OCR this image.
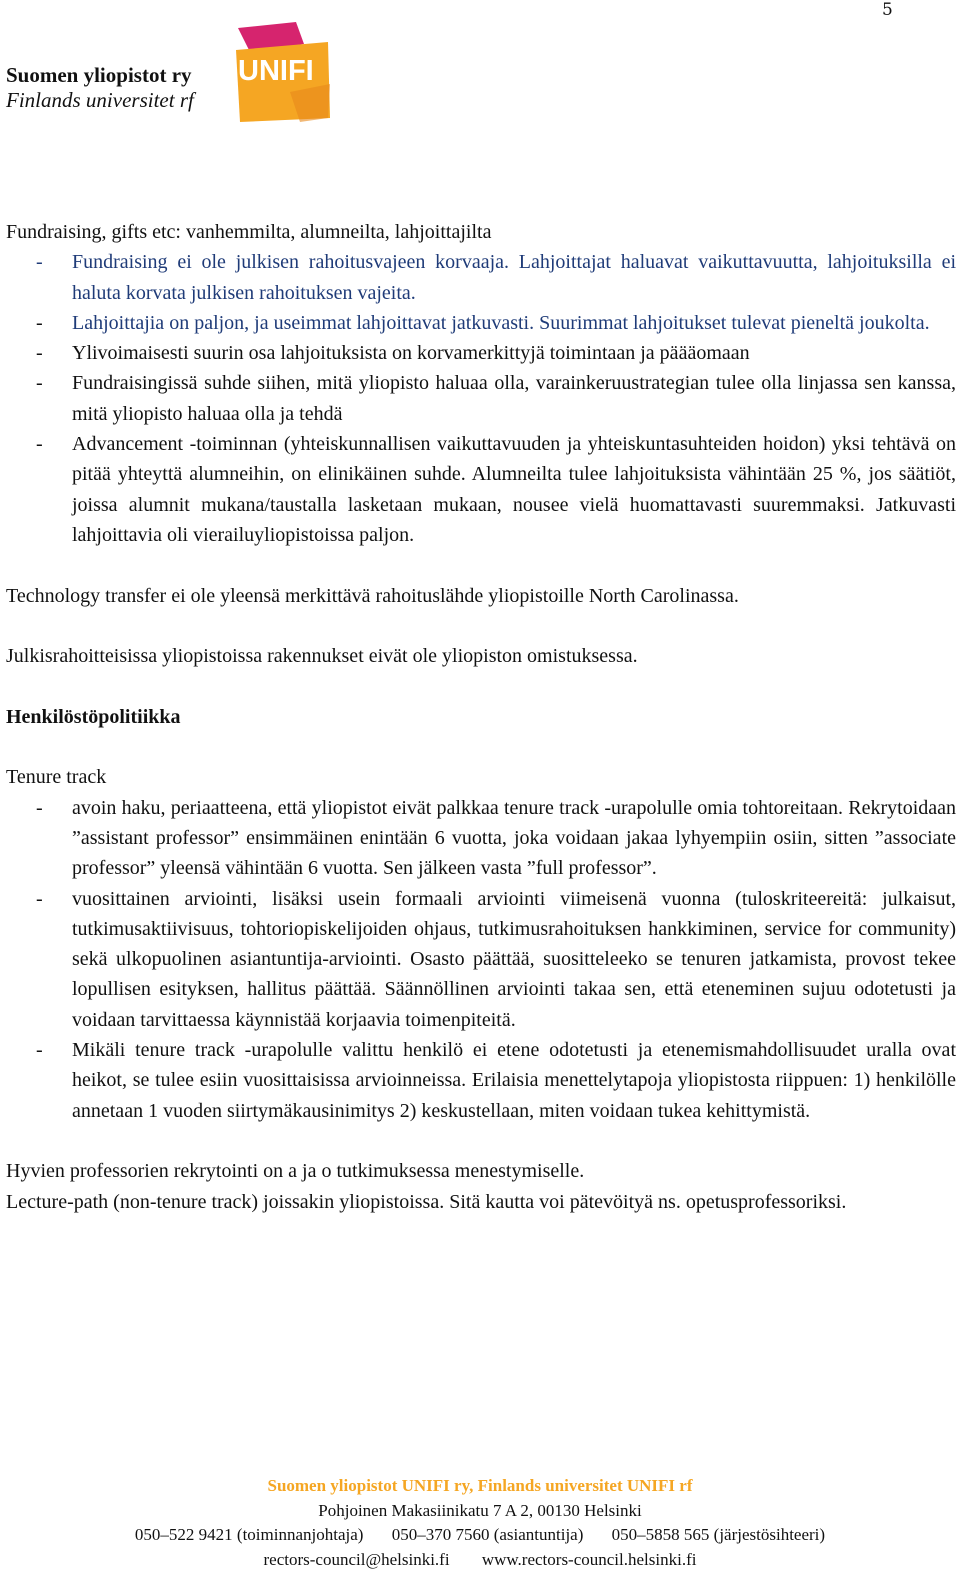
5
Suomen yliopistot ry
Finlands universitet rf
UNIFI

Fundraising, gifts etc: vanhemmilta, alumneilta, lahjoittajilta

- Fundraising ei ole julkisen rahoitusvajeen korvaaja. Lahjoittajat haluavat vaikuttavuutta, lahjoituksilla ei haluta korvata julkisen rahoituksen vajeita.
- Lahjoittajia on paljon, ja useimmat lahjoittavat jatkuvasti. Suurimmat lahjoitukset tulevat pieneltä joukolta.
- Ylivoimaisesti suurin osa lahjoituksista on korvamerkittyjä toimintaan ja päääomaan
- Fundraisingissä suhde siihen, mitä yliopisto haluaa olla, varainkeruustrategian tulee olla linjassa sen kanssa, mitä yliopisto haluaa olla ja tehdä
- Advancement -toiminnan (yhteiskunnallisen vaikuttavuuden ja yhteiskuntasuhteiden hoidon) yksi tehtävä on pitää yhteyttä alumneihin, on elinikäinen suhde. Alumneilta tulee lahjoituksista vähintään 25 %, jos säätiöt, joissa alumnit mukana/taustalla lasketaan mukaan, nousee vielä huomattavasti suuremmaksi. Jatkuvasti lahjoittavia oli vierailuyliopistoissa paljon.

Technology transfer ei ole yleensä merkittävä rahoituslähde yliopistoille North Carolinassa.

Julkisrahoitteisissa yliopistoissa rakennukset eivät ole yliopiston omistuksessa.

Henkilöstöpolitiikka

Tenure track

- avoin haku, periaatteena, että yliopistot eivät palkkaa tenure track -urapolulle omia tohtoreitaan. Rekrytoidaan ”assistant professor” ensimmäinen enintään 6 vuotta, joka voidaan jakaa lyhyempiin osiin, sitten ”associate professor” yleensä vähintään 6 vuotta. Sen jälkeen vasta ”full professor”.
- vuosittainen arviointi, lisäksi usein formaali arviointi viimeisenä vuonna (tuloskriteereitä: julkaisut, tutkimusaktiivisuus, tohtoriopiskelijoiden ohjaus, tutkimusrahoituksen hankkiminen, service for community) sekä ulkopuolinen asiantuntija-arviointi. Osasto päättää, suositteleeko se tenuren jatkamista, provost tekee lopullisen esityksen, hallitus päättää. Säännöllinen arviointi takaa sen, että eteneminen sujuu odotetusti ja voidaan tarvittaessa käynnistää korjaavia toimenpiteitä.
- Mikäli tenure track -urapolulle valittu henkilö ei etene odotetusti ja etenemismahdollisuudet uralla ovat heikot, se tulee esiin vuosittaisissa arvioinneissa. Erilaisia menettelytapoja yliopistosta riippuen: 1) henkilölle annetaan 1 vuoden siirtymäkausinimitys 2) keskustellaan, miten voidaan tukea kehittymistä.

Hyvien professorien rekrytointi on a ja o tutkimuksessa menestymiselle.

Lecture-path (non-tenure track) joissakin yliopistoissa. Sitä kautta voi pätevöityä ns. opetusprofessoriksi.

Suomen yliopistot UNIFI ry, Finlands universitet UNIFI rf
Pohjoinen Makasiinikatu 7 A 2, 00130 Helsinki
050–522 9421 (toiminnanjohtaja) 050–370 7560 (asiantuntija) 050–5858 565 (järjestösihteeri)
rectors-council@helsinki.fi www.rectors-council.helsinki.fi
